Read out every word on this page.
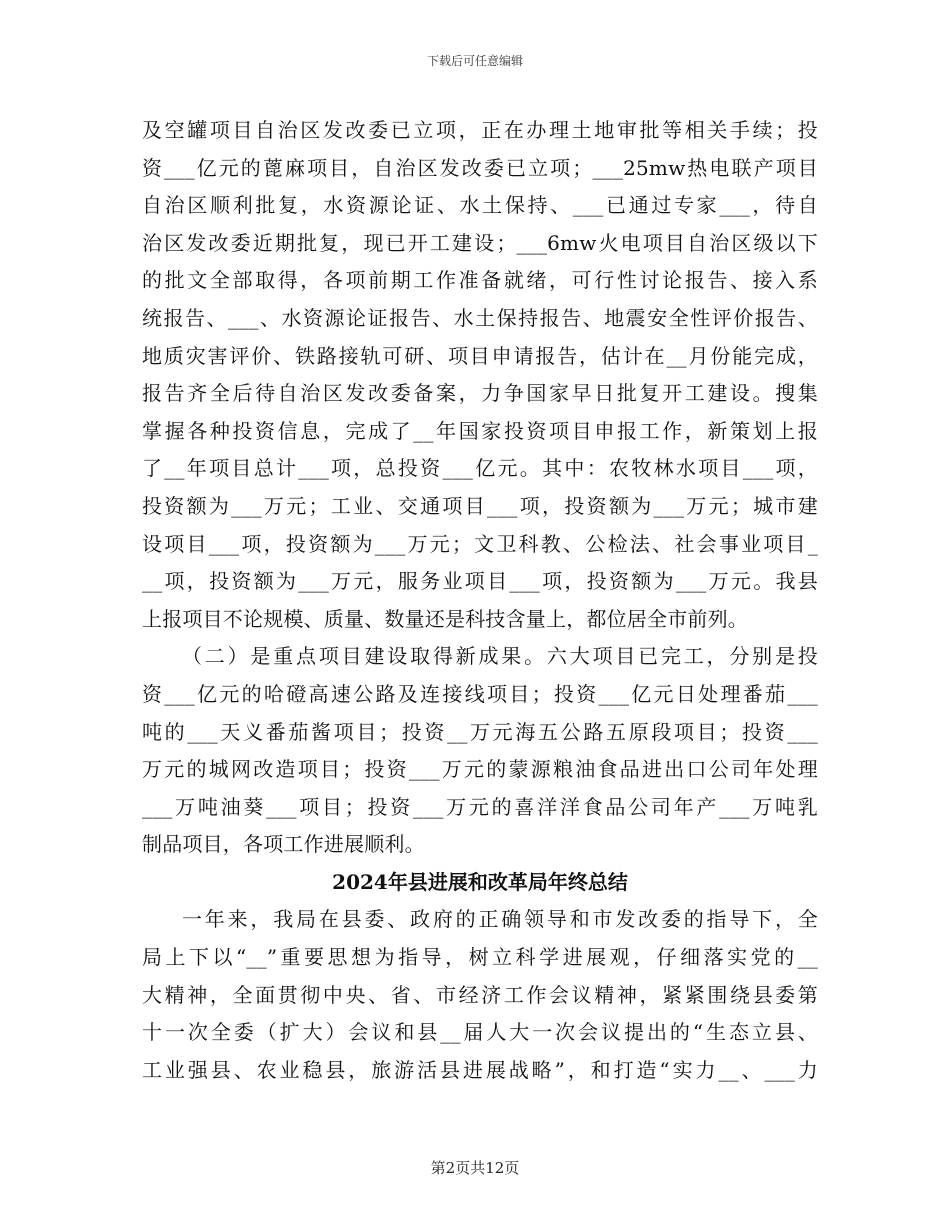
下载后可任意编辑
及空罐项目自治区发改委已立项，正在办理土地审批等相关手续；投
资___亿元的蓖麻项目，自治区发改委已立项；___25mw热电联产项目
自治区顺利批复，水资源论证、水土保持、___已通过专家___，待自
治区发改委近期批复，现已开工建设；___6mw火电项目自治区级以下
的批文全部取得，各项前期工作准备就绪，可行性讨论报告、接入系
统报告、___、水资源论证报告、水土保持报告、地震安全性评价报告、
地质灾害评价、铁路接轨可研、项目申请报告，估计在__月份能完成，
报告齐全后待自治区发改委备案，力争国家早日批复开工建设。搜集
掌握各种投资信息，完成了__年国家投资项目申报工作，新策划上报
了__年项目总计___项，总投资___亿元。其中：农牧林水项目___项，
投资额为___万元；工业、交通项目___项，投资额为___万元；城市建
设项目___项，投资额为___万元；文卫科教、公检法、社会事业项目_
__项，投资额为___万元，服务业项目___项，投资额为___万元。我县
上报项目不论规模、质量、数量还是科技含量上，都位居全市前列。
（二）是重点项目建设取得新成果。六大项目已完工，分别是投
资___亿元的哈磴高速公路及连接线项目；投资___亿元日处理番茄___
吨的___天义番茄酱项目；投资__万元海五公路五原段项目；投资___
万元的城网改造项目；投资___万元的蒙源粮油食品进出口公司年处理
___万吨油葵___项目；投资___万元的喜洋洋食品公司年产___万吨乳
制品项目，各项工作进展顺利。
2024年县进展和改革局年终总结
一年来，我局在县委、政府的正确领导和市发改委的指导下，全
局上下以“__”重要思想为指导，树立科学进展观，仔细落实党的__
大精神，全面贯彻中央、省、市经济工作会议精神，紧紧围绕县委第
十一次全委（扩大）会议和县__届人大一次会议提出的“生态立县、
工业强县、农业稳县，旅游活县进展战略”，和打造“实力__、___力
第2页共12页
